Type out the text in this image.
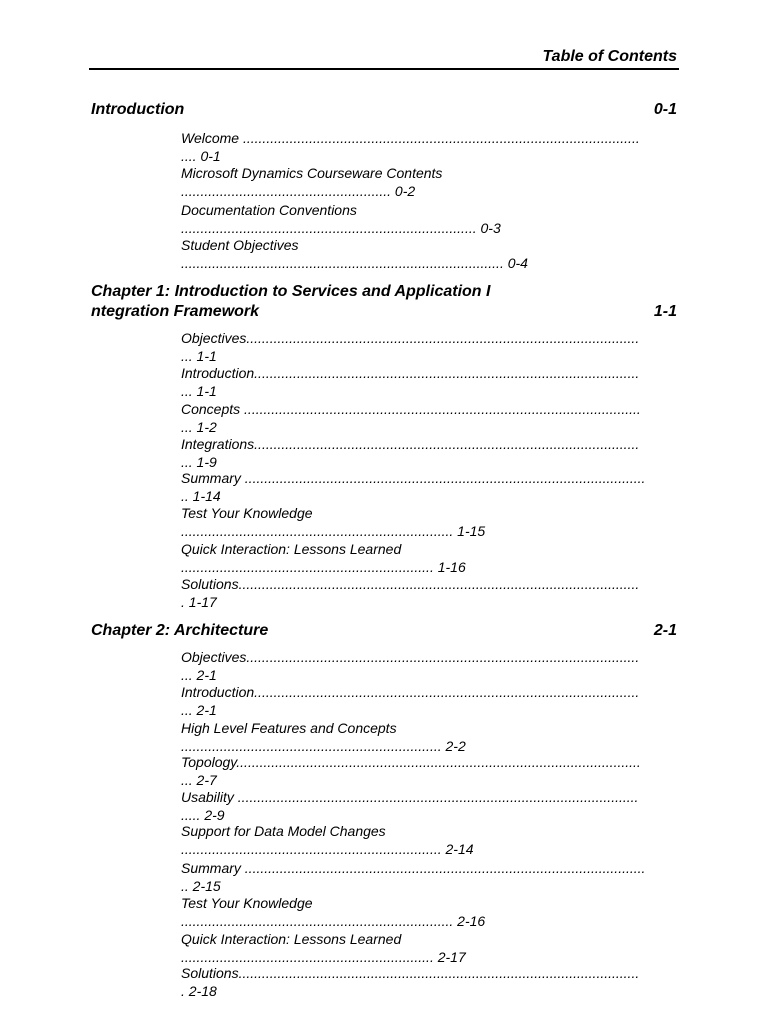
Table of Contents
Introduction	0-1
Welcome ......................................................................................................
.... 0-1
Microsoft Dynamics Courseware Contents
...................................................... 0-2
Documentation Conventions
............................................................................ 0-3
Student Objectives
................................................................................... 0-4
Chapter 1: Introduction to Services and Application I ntegration Framework	1-1
Objectives.....................................................................................................
... 1-1
Introduction...................................................................................................
... 1-1
Concepts ......................................................................................................
... 1-2
Integrations...................................................................................................
... 1-9
Summary .......................................................................................................
.. 1-14
Test Your Knowledge
...................................................................... 1-15
Quick Interaction: Lessons Learned
................................................................. 1-16
Solutions.......................................................................................................
. 1-17
Chapter 2: Architecture	2-1
Objectives.....................................................................................................
... 2-1
Introduction...................................................................................................
... 2-1
High Level Features and Concepts
................................................................... 2-2
Topology........................................................................................................
... 2-7
Usability .......................................................................................................
..... 2-9
Support for Data Model Changes
................................................................... 2-14
Summary .......................................................................................................
.. 2-15
Test Your Knowledge
...................................................................... 2-16
Quick Interaction: Lessons Learned
................................................................. 2-17
Solutions.......................................................................................................
. 2-18
